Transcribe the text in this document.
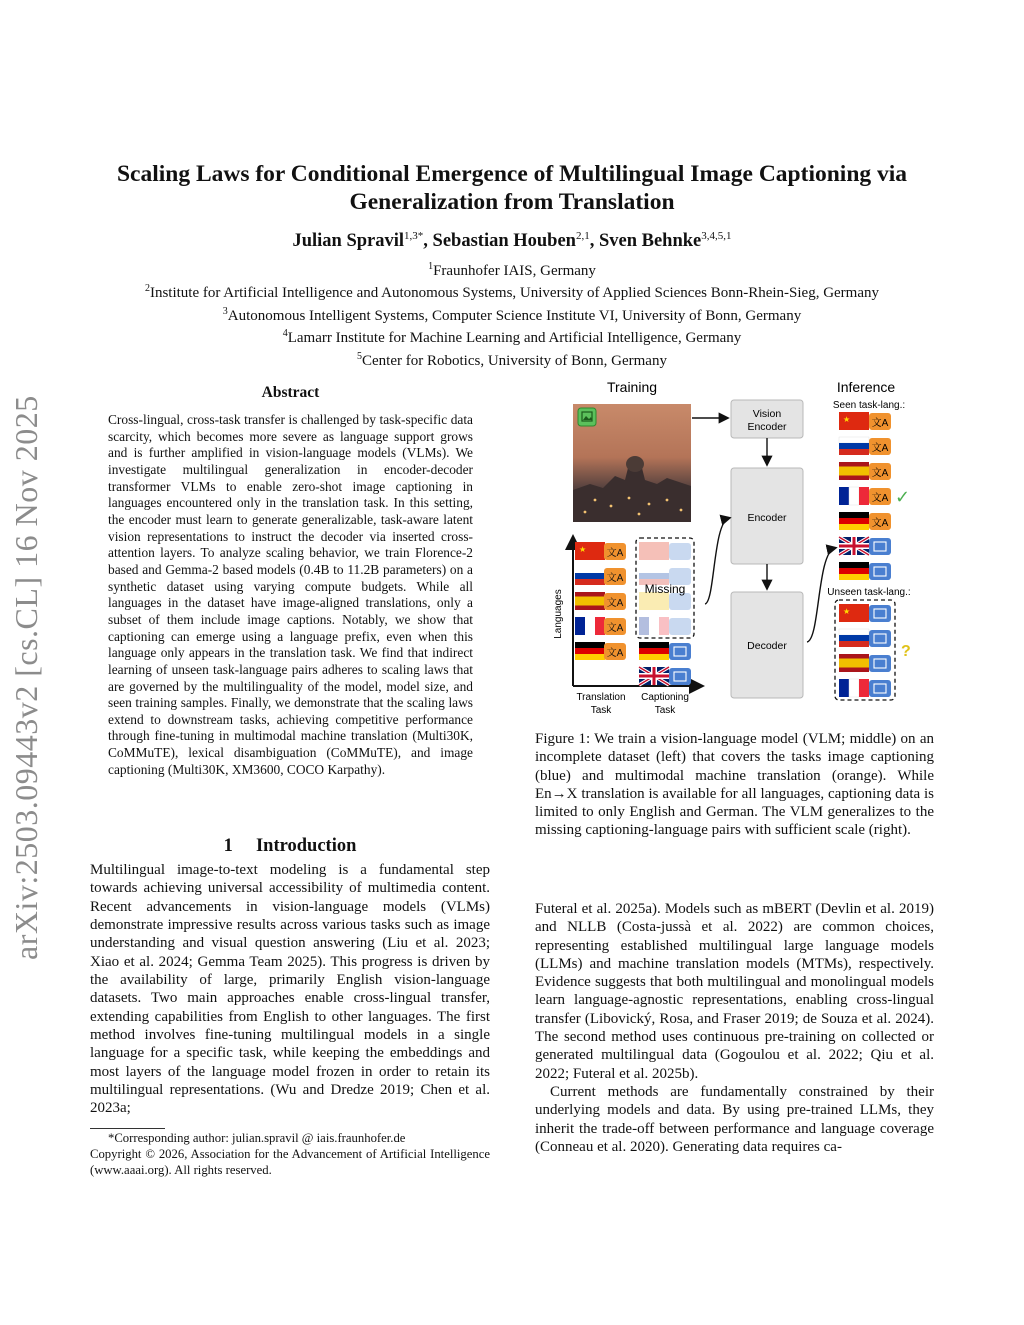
Scaling Laws for Conditional Emergence of Multilingual Image Captioning via Generalization from Translation
Julian Spravil$^{1,3*}$, Sebastian Houben$^{2,1}$, Sven Behnke$^{3,4,5,1}$
$^1$Fraunhofer IAIS, Germany
$^2$Institute for Artificial Intelligence and Autonomous Systems, University of Applied Sciences Bonn-Rhein-Sieg, Germany
$^3$Autonomous Intelligent Systems, Computer Science Institute VI, University of Bonn, Germany
$^4$Lamarr Institute for Machine Learning and Artificial Intelligence, Germany
$^5$Center for Robotics, University of Bonn, Germany
arXiv:2503.09443v2 [cs.CL] 16 Nov 2025
Abstract

Cross-lingual, cross-task transfer is challenged by task-specific data scarcity, which becomes more severe as language support grows and is further amplified in vision-language models (VLMs). We investigate multilingual generalization in encoder-decoder transformer VLMs to enable zero-shot image captioning in languages encountered only in the translation task. In this setting, the encoder must learn to generate generalizable, task-aware latent vision representations to instruct the decoder via inserted cross-attention layers. To analyze scaling behavior, we train Florence-2 based and Gemma-2 based models (0.4B to 11.2B parameters) on a synthetic dataset using varying compute budgets. While all languages in the dataset have image-aligned translations, only a subset of them include image captions. Notably, we show that captioning can emerge using a language prefix, even when this language only appears in the translation task. We find that indirect learning of unseen task-language pairs adheres to scaling laws that are governed by the multilinguality of the model, model size, and seen training samples. Finally, we demonstrate that the scaling laws extend to downstream tasks, achieving competitive performance through fine-tuning in multimodal machine translation (Multi30K, CoMMuTE), lexical disambiguation (CoMMuTE), and image captioning (Multi30K, XM3600, COCO Karpathy).

1     Introduction

Multilingual image-to-text modeling is a fundamental step towards achieving universal accessibility of multimedia content. Recent advancements in vision-language models (VLMs) demonstrate impressive results across various tasks such as image understanding and visual question answering (Liu et al. 2023; Xiao et al. 2024; Gemma Team 2025). This progress is driven by the availability of large, primarily English vision-language datasets. Two main approaches enable cross-lingual transfer, extending capabilities from English to other languages. The first method involves fine-tuning multilingual models in a single language for a specific task, while keeping the embeddings and most layers of the language model frozen in order to retain its multilingual representations. (Wu and Dredze 2019; Chen et al. 2023a;

*Corresponding author: julian.spravil @ iais.fraunhofer.de
Copyright © 2026, Association for the Advancement of Artificial Intelligence (www.aaai.org). All rights reserved.
Training	Inference
Seen task-lang.:
Vision
Encoder
Encoder
Decoder
Languages
Translation
Task
Captioning
Task
★ 文A
文A
文A
文A
文A
Missing
★ 文A
文A
文A
文A ✓
文A
Unseen task-lang.:
★
?
Figure 1: We train a vision-language model (VLM; middle) on an incomplete dataset (left) that covers the tasks image captioning (blue) and multimodal machine translation (orange). While En→X translation is available for all languages, captioning data is limited to only English and German. The VLM generalizes to the missing captioning-language pairs with sufficient scale (right).

Futeral et al. 2025a). Models such as mBERT (Devlin et al. 2019) and NLLB (Costa-jussà et al. 2022) are common choices, representing established multilingual large language models (LLMs) and machine translation models (MTMs), respectively. Evidence suggests that both multilingual and monolingual models learn language-agnostic representations, enabling cross-lingual transfer (Libovický, Rosa, and Fraser 2019; de Souza et al. 2024). The second method uses continuous pre-training on collected or generated multilingual data (Gogoulou et al. 2022; Qiu et al. 2022; Futeral et al. 2025b).

Current methods are fundamentally constrained by their underlying models and data. By using pre-trained LLMs, they inherit the trade-off between performance and language coverage (Conneau et al. 2020). Generating data requires ca-
